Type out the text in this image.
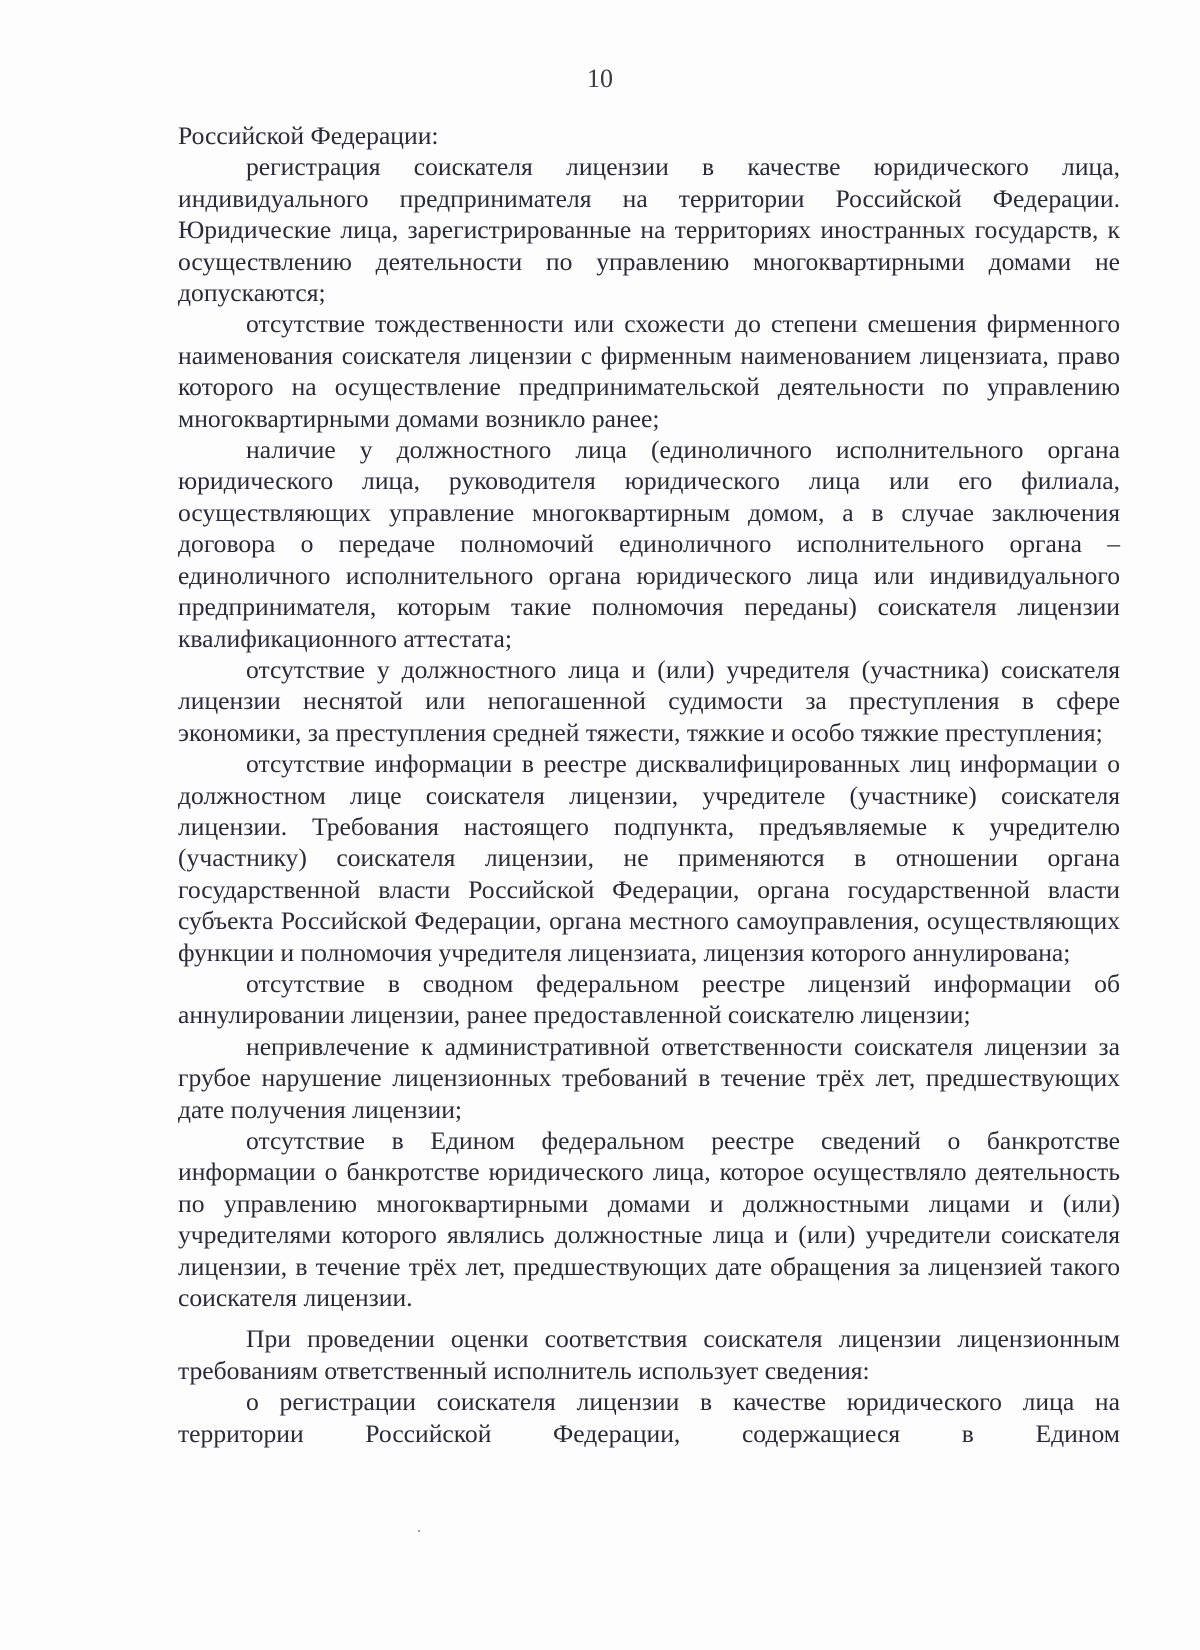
10

Российской Федерации:

регистрация соискателя лицензии в качестве юридического лица, индивидуального предпринимателя на территории Российской Федерации. Юридические лица, зарегистрированные на территориях иностранных государств, к осуществлению деятельности по управлению многоквартирными домами не допускаются;

отсутствие тождественности или схожести до степени смешения фирменного наименования соискателя лицензии с фирменным наименованием лицензиата, право которого на осуществление предпринимательской деятельности по управлению многоквартирными домами возникло ранее;

наличие у должностного лица (единоличного исполнительного органа юридического лица, руководителя юридического лица или его филиала, осуществляющих управление многоквартирным домом, а в случае заключения договора о передаче полномочий единоличного исполнительного органа – единоличного исполнительного органа юридического лица или индивидуального предпринимателя, которым такие полномочия переданы) соискателя лицензии квалификационного аттестата;

отсутствие у должностного лица и (или) учредителя (участника) соискателя лицензии неснятой или непогашенной судимости за преступления в сфере экономики, за преступления средней тяжести, тяжкие и особо тяжкие преступления;

отсутствие информации в реестре дисквалифицированных лиц информации о должностном лице соискателя лицензии, учредителе (участнике) соискателя лицензии. Требования настоящего подпункта, предъявляемые к учредителю (участнику) соискателя лицензии, не применяются в отношении органа государственной власти Российской Федерации, органа государственной власти субъекта Российской Федерации, органа местного самоуправления, осуществляющих функции и полномочия учредителя лицензиата, лицензия которого аннулирована;

отсутствие в сводном федеральном реестре лицензий информации об аннулировании лицензии, ранее предоставленной соискателю лицензии;

непривлечение к административной ответственности соискателя лицензии за грубое нарушение лицензионных требований в течение трёх лет, предшествующих дате получения лицензии;

отсутствие в Едином федеральном реестре сведений о банкротстве информации о банкротстве юридического лица, которое осуществляло деятельность по управлению многоквартирными домами и должностными лицами и (или) учредителями которого являлись должностные лица и (или) учредители соискателя лицензии, в течение трёх лет, предшествующих дате обращения за лицензией такого соискателя лицензии.

При проведении оценки соответствия соискателя лицензии лицензионным требованиям ответственный исполнитель использует сведения:

о регистрации соискателя лицензии в качестве юридического лица на территории Российской Федерации, содержащиеся в Едином
